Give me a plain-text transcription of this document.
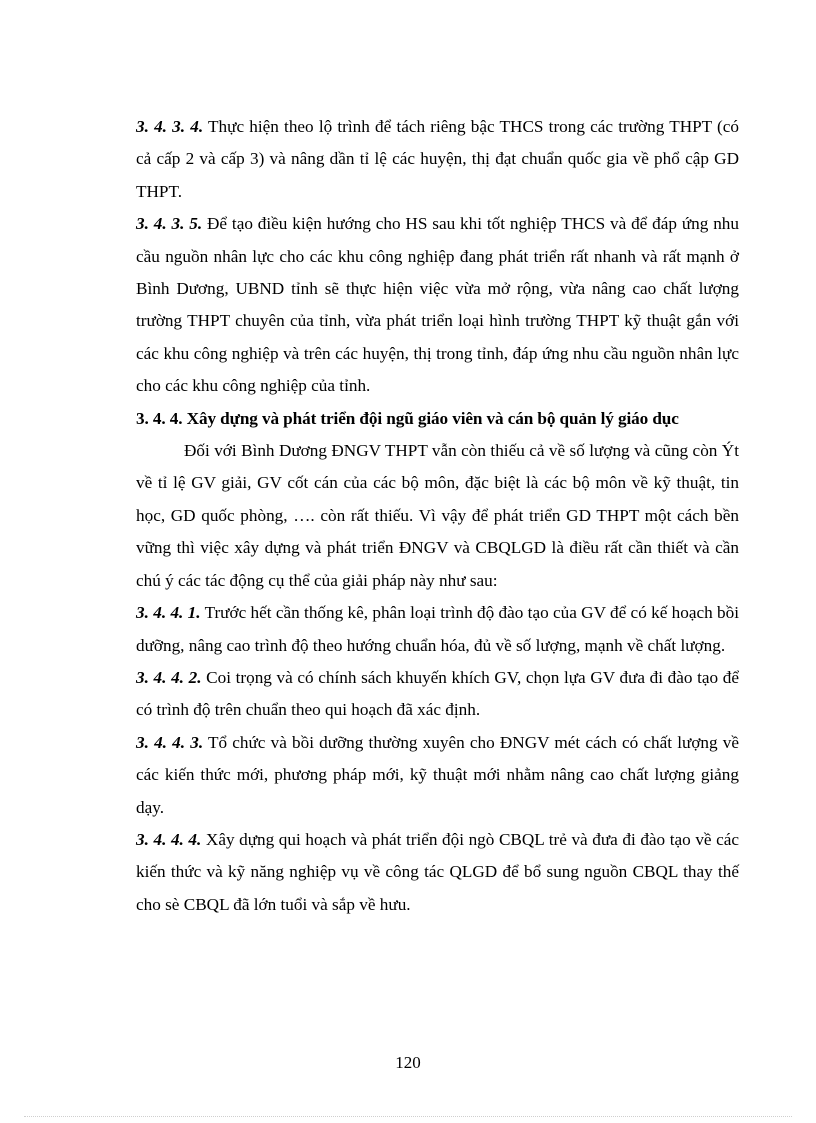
3. 4. 3. 4. Thực hiện theo lộ trình để tách riêng bậc THCS trong các trường THPT (có cả cấp 2 và cấp 3) và nâng dần tỉ lệ các huyện, thị đạt chuẩn quốc gia về phổ cập GD THPT.

3. 4. 3. 5. Để tạo điều kiện hướng cho HS sau khi tốt nghiệp THCS và để đáp ứng nhu cầu nguồn nhân lực cho các khu công nghiệp đang phát triển rất nhanh và rất mạnh ở Bình Dương, UBND tỉnh sẽ thực hiện việc vừa mở rộng, vừa nâng cao chất lượng trường THPT chuyên của tỉnh, vừa phát triển loại hình trường THPT kỹ thuật gắn với các khu công nghiệp và trên các huyện, thị trong tỉnh, đáp ứng nhu cầu nguồn nhân lực cho các khu công nghiệp của tỉnh.

3. 4. 4. Xây dựng và phát triển đội ngũ giáo viên và cán bộ quản lý giáo dục

Đối với Bình Dương ĐNGV THPT vẫn còn thiếu cả về số lượng và cũng còn Ýt về tỉ lệ GV giải, GV cốt cán của các bộ môn, đặc biệt là các bộ môn về kỹ thuật, tin học, GD quốc phòng, …. còn rất thiếu. Vì vậy để phát triển GD THPT một cách bền vững thì việc xây dựng và phát triển ĐNGV và CBQLGD là điều rất cần thiết và cần chú ý các tác động cụ thể của giải pháp này như sau:

3. 4. 4. 1. Trước hết cần thống kê, phân loại trình độ đào tạo của GV để có kế hoạch bồi dưỡng, nâng cao trình độ theo hướng chuẩn hóa, đủ về số lượng, mạnh về chất lượng.

3. 4. 4. 2. Coi trọng và có chính sách khuyến khích GV, chọn lựa GV đưa đi đào tạo để có trình độ trên chuẩn theo qui hoạch đã xác định.

3. 4. 4. 3. Tổ chức và bồi dưỡng thường xuyên cho ĐNGV mét cách có chất lượng về các kiến thức mới, phương pháp mới, kỹ thuật mới nhằm nâng cao chất lượng giảng dạy.

3. 4. 4. 4. Xây dựng qui hoạch và phát triển đội ngò CBQL trẻ và đưa đi đào tạo về các kiến thức và kỹ năng nghiệp vụ về công tác QLGD để bổ sung nguồn CBQL thay thế cho sè CBQL đã lớn tuổi và sắp về hưu.

120
